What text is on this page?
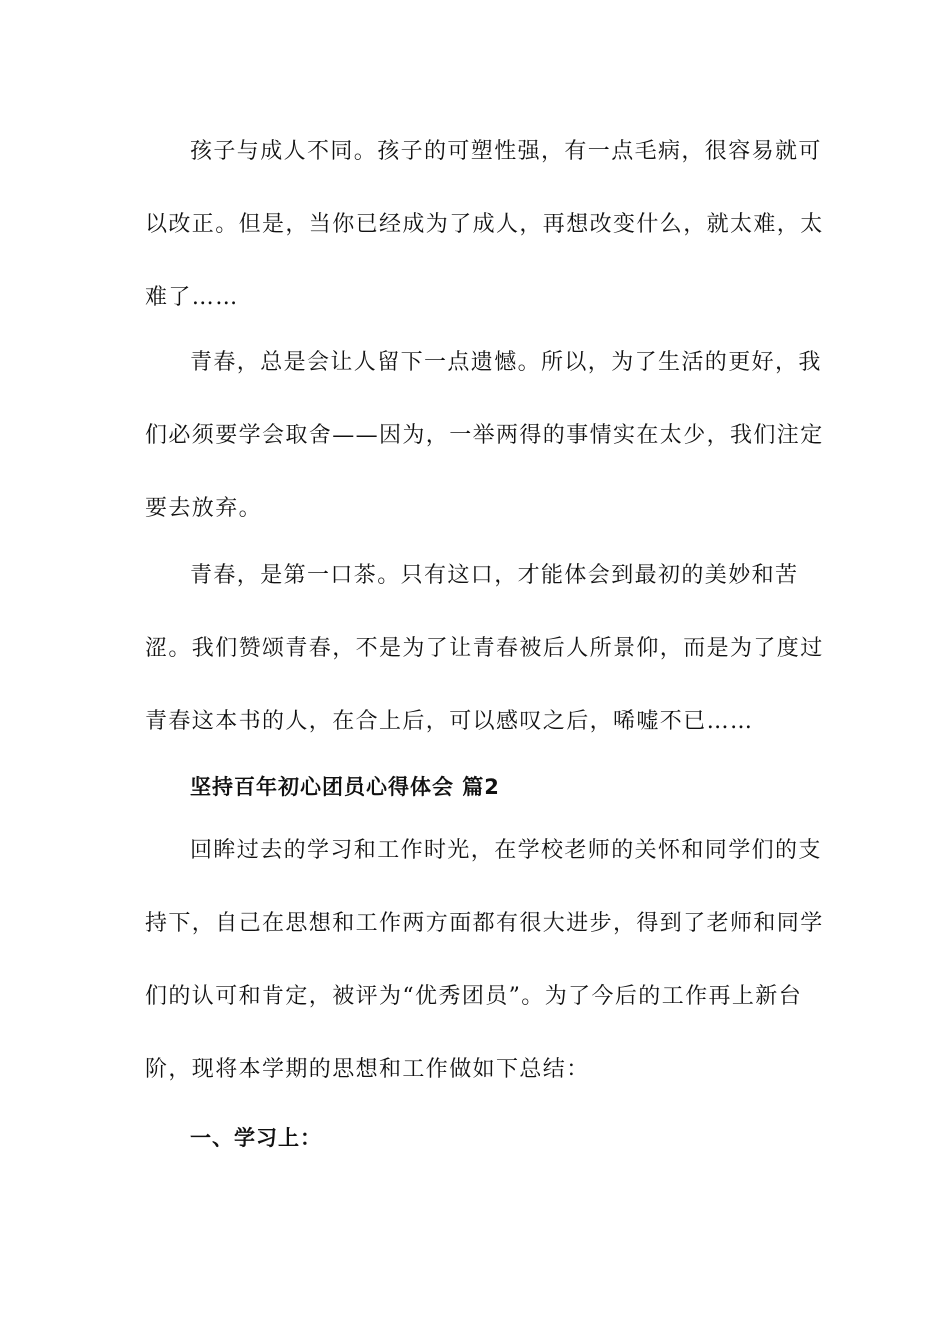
孩子与成人不同。孩子的可塑性强，有一点毛病，很容易就可
以改正。但是，当你已经成为了成人，再想改变什么，就太难，太
难了……
青春，总是会让人留下一点遗憾。所以，为了生活的更好，我
们必须要学会取舍——因为，一举两得的事情实在太少，我们注定
要去放弃。
青春，是第一口茶。只有这口，才能体会到最初的美妙和苦
涩。我们赞颂青春，不是为了让青春被后人所景仰，而是为了度过
青春这本书的人，在合上后，可以感叹之后，唏嘘不已……
坚持百年初心团员心得体会 篇2
回眸过去的学习和工作时光，在学校老师的关怀和同学们的支
持下，自己在思想和工作两方面都有很大进步，得到了老师和同学
们的认可和肯定，被评为“优秀团员”。为了今后的工作再上新台
阶，现将本学期的思想和工作做如下总结：
一、学习上：
